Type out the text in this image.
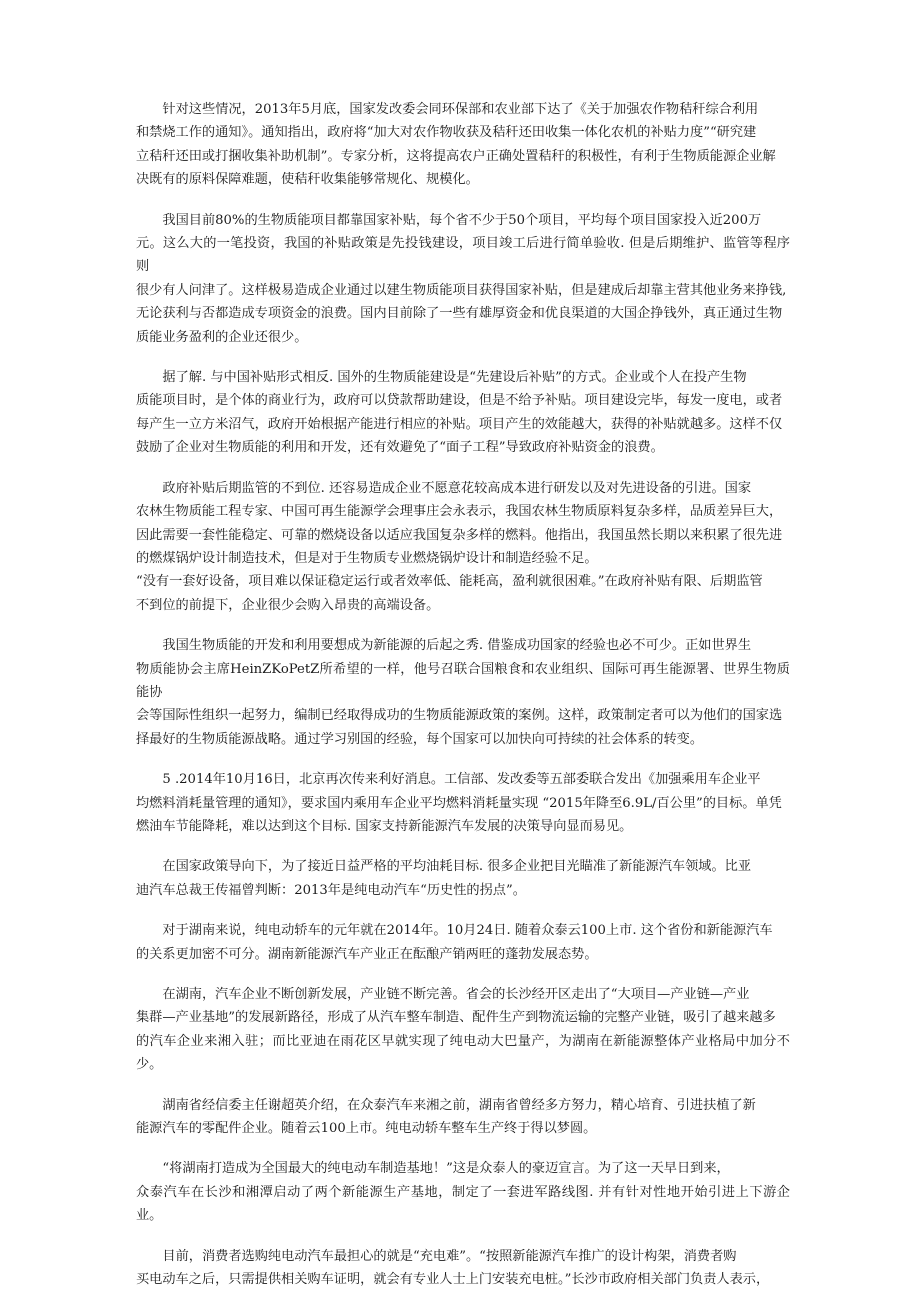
针对这些情况，2013年5月底，国家发改委会同环保部和农业部下达了《关于加强农作物秸秆综合利用
和禁烧工作的通知》。通知指出，政府将“加大对农作物收获及秸秆还田收集一体化农机的补贴力度”“研究建
立秸秆还田或打捆收集补助机制”。专家分析，这将提高农户正确处置秸秆的积极性，有利于生物质能源企业解
决既有的原料保障难题，使秸秆收集能够常规化、规模化。

我国目前80%的生物质能项目都靠国家补贴，每个省不少于50个项目，平均每个项目国家投入近200万
元。这么大的一笔投资，我国的补贴政策是先投钱建设，项目竣工后进行简单验收. 但是后期维护、监管等程序则
很少有人问津了。这样极易造成企业通过以建生物质能项目获得国家补贴，但是建成后却靠主营其他业务来挣钱,
无论获利与否都造成专项资金的浪费。国内目前除了一些有雄厚资金和优良渠道的大国企挣钱外，真正通过生物
质能业务盈利的企业还很少。

据了解. 与中国补贴形式相反. 国外的生物质能建设是“先建设后补贴”的方式。企业或个人在投产生物
质能项目时，是个体的商业行为，政府可以贷款帮助建设，但是不给予补贴。项目建设完毕，每发一度电，或者
每产生一立方米沼气，政府开始根据产能进行相应的补贴。项目产生的效能越大，获得的补贴就越多。这样不仅
鼓励了企业对生物质能的利用和开发，还有效避免了“面子工程”导致政府补贴资金的浪费。

政府补贴后期监管的不到位. 还容易造成企业不愿意花较高成本进行研发以及对先进设备的引进。国家
农林生物质能工程专家、中国可再生能源学会理事庄会永表示，我国农林生物质原料复杂多样，品质差异巨大，
因此需要一套性能稳定、可靠的燃烧设备以适应我国复杂多样的燃料。他指出，我国虽然长期以来积累了很先进
的燃煤锅炉设计制造技术，但是对于生物质专业燃烧锅炉设计和制造经验不足。
“没有一套好设备，项目难以保证稳定运行或者效率低、能耗高，盈利就很困难。”在政府补贴有限、后期监管
不到位的前提下，企业很少会购入昂贵的高端设备。

我国生物质能的开发和利用要想成为新能源的后起之秀. 借鉴成功国家的经验也必不可少。正如世界生
物质能协会主席HeinZKoPetZ所希望的一样，他号召联合国粮食和农业组织、国际可再生能源署、世界生物质能协
会等国际性组织一起努力，编制已经取得成功的生物质能源政策的案例。这样，政策制定者可以为他们的国家选
择最好的生物质能源战略。通过学习别国的经验，每个国家可以加快向可持续的社会体系的转变。

5 .2014年10月16日，北京再次传来利好消息。工信部、发改委等五部委联合发出《加强乘用车企业平
均燃料消耗量管理的通知》，要求国内乘用车企业平均燃料消耗量实现 “2015年降至6.9L/百公里”的目标。单凭
燃油车节能降耗，难以达到这个目标. 国家支持新能源汽车发展的决策导向显而易见。

在国家政策导向下，为了接近日益严格的平均油耗目标. 很多企业把目光瞄准了新能源汽车领域。比亚
迪汽车总裁王传福曾判断：2013年是纯电动汽车“历史性的拐点”。

对于湖南来说，纯电动轿车的元年就在2014年。10月24日. 随着众泰云100上市. 这个省份和新能源汽车
的关系更加密不可分。湖南新能源汽车产业正在酝酿产销两旺的蓬勃发展态势。

在湖南，汽车企业不断创新发展，产业链不断完善。省会的长沙经开区走出了“大项目—产业链—产业
集群—产业基地”的发展新路径，形成了从汽车整车制造、配件生产到物流运输的完整产业链，吸引了越来越多
的汽车企业来湘入驻；而比亚迪在雨花区早就实现了纯电动大巴量产，为湖南在新能源整体产业格局中加分不少。

湖南省经信委主任谢超英介绍，在众泰汽车来湘之前，湖南省曾经多方努力，精心培育、引进扶植了新
能源汽车的零配件企业。随着云100上市。纯电动轿车整车生产终于得以梦圆。

“将湖南打造成为全国最大的纯电动车制造基地！”这是众泰人的豪迈宣言。为了这一天早日到来，
众泰汽车在长沙和湘潭启动了两个新能源生产基地，制定了一套进军路线图. 并有针对性地开始引进上下游企业。

目前，消费者选购纯电动汽车最担心的就是“充电难”。“按照新能源汽车推广的设计构架，消费者购
买电动车之后，只需提供相关购车证明，就会有专业人士上门安装充电桩。”长沙市政府相关部门负责人表示，
